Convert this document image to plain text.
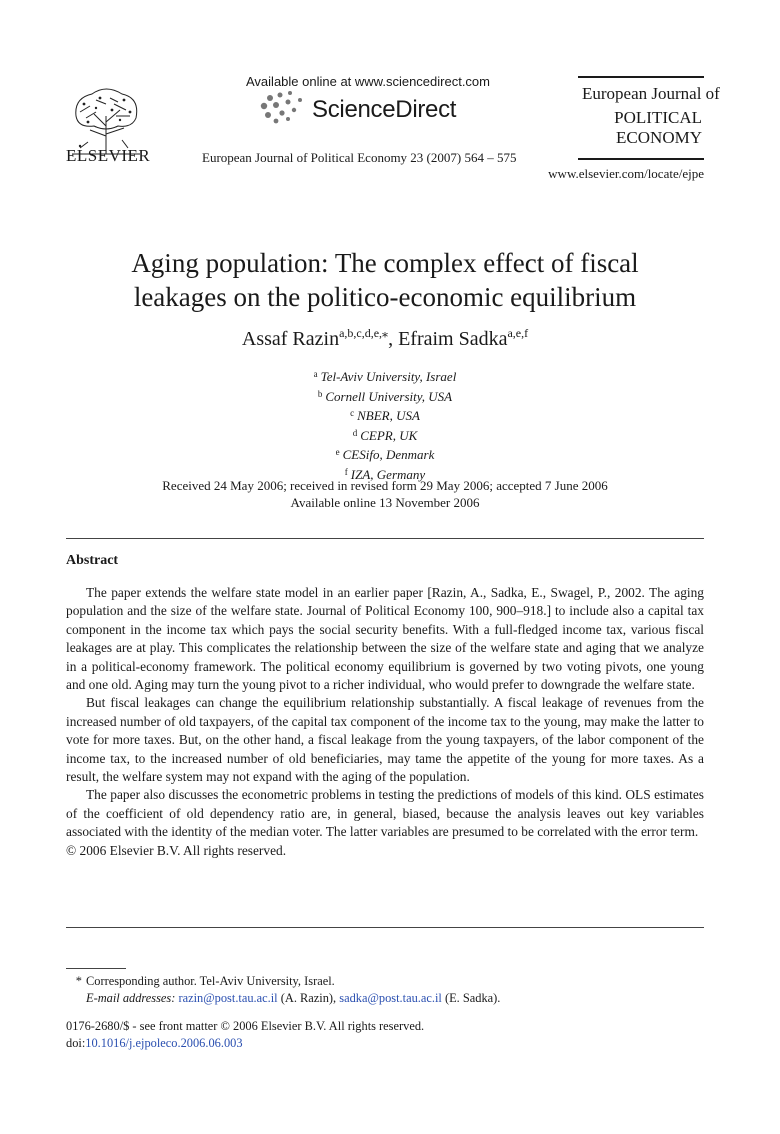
ELSEVIER
Available online at www.sciencedirect.com
ScienceDirect
European Journal of Political Economy 23 (2007) 564 – 575
European Journal of
POLITICAL
ECONOMY
www.elsevier.com/locate/ejpe
Aging population: The complex effect of fiscal
leakages on the politico-economic equilibrium
Assaf Razin$^{a,b,c,d,e,⁎}$, Efraim Sadka$^{a,e,f}$
$^a$ Tel-Aviv University, Israel
$^b$ Cornell University, USA
$^c$ NBER, USA
$^d$ CEPR, UK
$^e$ CESifo, Denmark
$^f$ IZA, Germany
Received 24 May 2006; received in revised form 29 May 2006; accepted 7 June 2006
Available online 13 November 2006
Abstract

The paper extends the welfare state model in an earlier paper [Razin, A., Sadka, E., Swagel, P., 2002. The aging population and the size of the welfare state. Journal of Political Economy 100, 900–918.] to include also a capital tax component in the income tax which pays the social security benefits. With a full-fledged income tax, various fiscal leakages are at play. This complicates the relationship between the size of the welfare state and aging that we analyze in a political-economy framework. The political economy equilibrium is governed by two voting pivots, one young and one old. Aging may turn the young pivot to a richer individual, who would prefer to downgrade the welfare state.

But fiscal leakages can change the equilibrium relationship substantially. A fiscal leakage of revenues from the increased number of old taxpayers, of the capital tax component of the income tax to the young, may make the latter to vote for more taxes. But, on the other hand, a fiscal leakage from the young taxpayers, of the labor component of the income tax, to the increased number of old beneficiaries, may tame the appetite of the young for more taxes. As a result, the welfare system may not expand with the aging of the population.

The paper also discusses the econometric problems in testing the predictions of models of this kind. OLS estimates of the coefficient of old dependency ratio are, in general, biased, because the analysis leaves out key variables associated with the identity of the median voter. The latter variables are presumed to be correlated with the error term.

© 2006 Elsevier B.V. All rights reserved.

* Corresponding author. Tel-Aviv University, Israel.
E-mail addresses: razin@post.tau.ac.il (A. Razin), sadka@post.tau.ac.il (E. Sadka).
0176-2680/$ - see front matter © 2006 Elsevier B.V. All rights reserved.
doi:10.1016/j.ejpoleco.2006.06.003
